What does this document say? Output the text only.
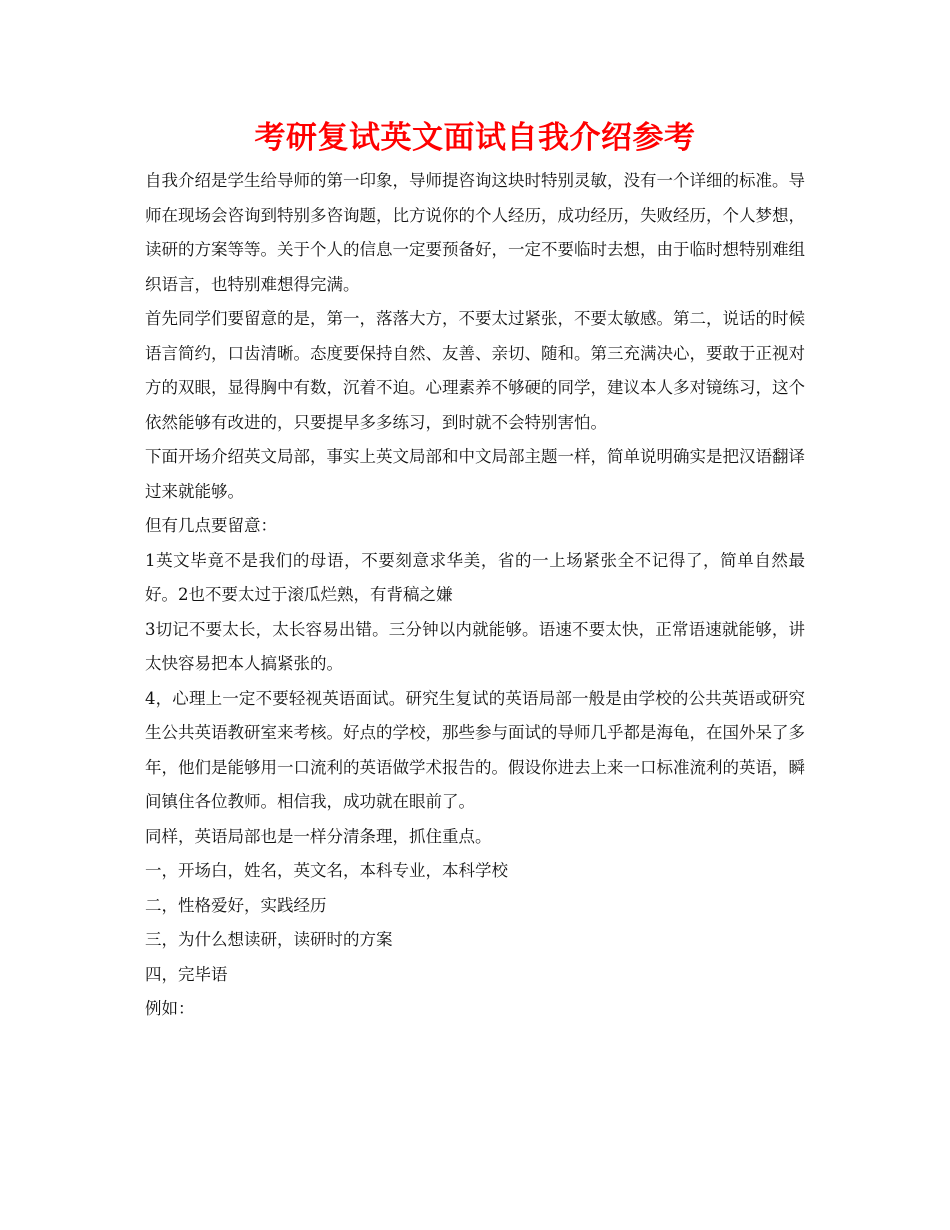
考研复试英文面试自我介绍参考

自我介绍是学生给导师的第一印象，导师提咨询这块时特别灵敏，没有一个详细的标准。导师在现场会咨询到特别多咨询题，比方说你的个人经历，成功经历，失败经历，个人梦想，读研的方案等等。关于个人的信息一定要预备好，一定不要临时去想，由于临时想特别难组织语言，也特别难想得完满。

首先同学们要留意的是，第一，落落大方，不要太过紧张，不要太敏感。第二，说话的时候语言简约，口齿清晰。态度要保持自然、友善、亲切、随和。第三充满决心，要敢于正视对方的双眼，显得胸中有数，沉着不迫。心理素养不够硬的同学，建议本人多对镜练习，这个依然能够有改进的，只要提早多多练习，到时就不会特别害怕。

下面开场介绍英文局部，事实上英文局部和中文局部主题一样，简单说明确实是把汉语翻译过来就能够。

但有几点要留意：

1英文毕竟不是我们的母语，不要刻意求华美，省的一上场紧张全不记得了，简单自然最好。2也不要太过于滚瓜烂熟，有背稿之嫌

3切记不要太长，太长容易出错。三分钟以内就能够。语速不要太快，正常语速就能够，讲太快容易把本人搞紧张的。

4，心理上一定不要轻视英语面试。研究生复试的英语局部一般是由学校的公共英语或研究生公共英语教研室来考核。好点的学校，那些参与面试的导师几乎都是海龟，在国外呆了多年，他们是能够用一口流利的英语做学术报告的。假设你进去上来一口标准流利的英语，瞬间镇住各位教师。相信我，成功就在眼前了。

同样，英语局部也是一样分清条理，抓住重点。

一，开场白，姓名，英文名，本科专业，本科学校

二，性格爱好，实践经历

三，为什么想读研，读研时的方案

四，完毕语

例如：
